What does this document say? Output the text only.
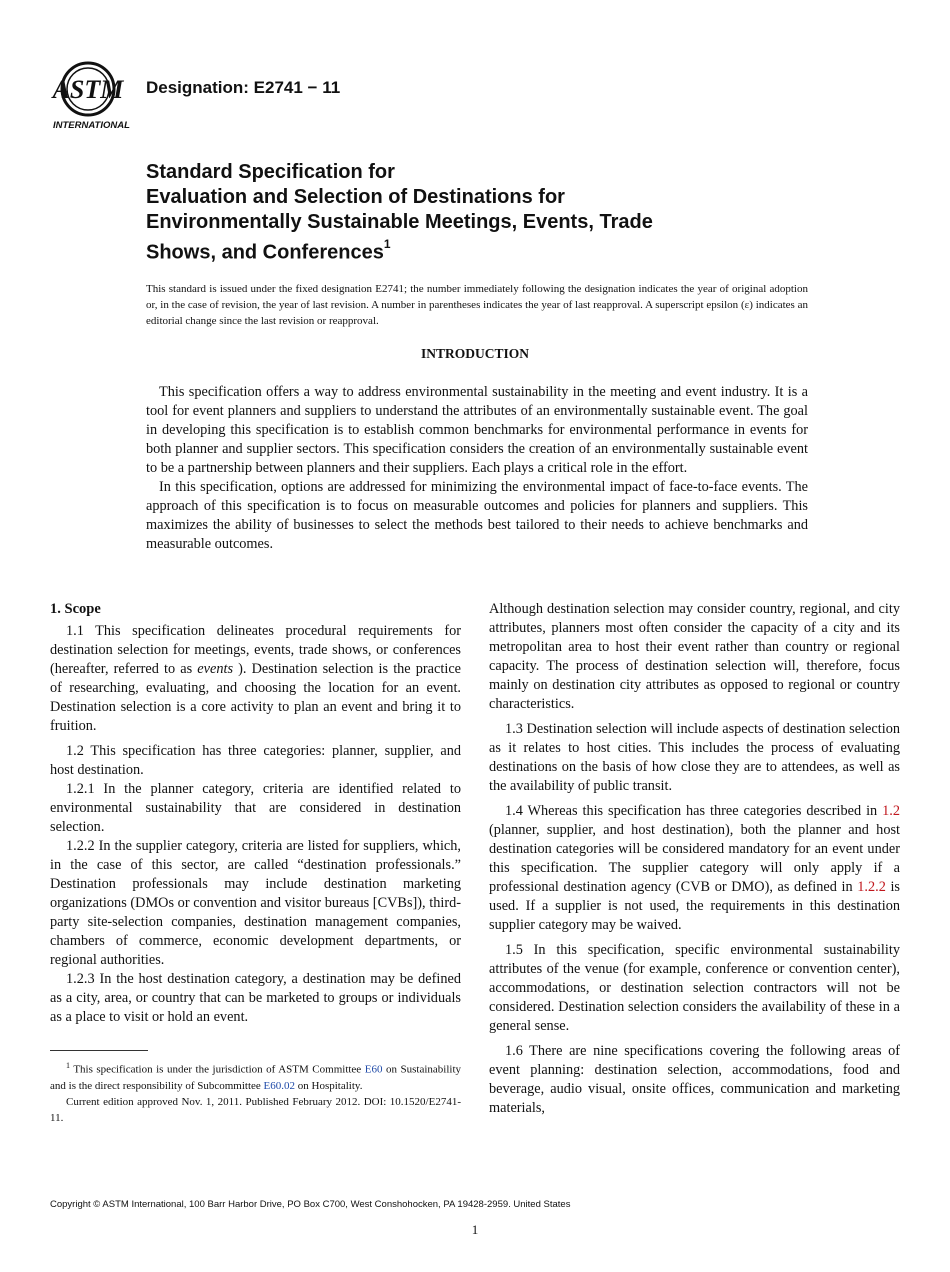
ASTM
INTERNATIONAL
Designation: E2741 − 11
Standard Specification for
Evaluation and Selection of Destinations for
Environmentally Sustainable Meetings, Events, Trade
Shows, and Conferences$^1$
This standard is issued under the fixed designation E2741; the number immediately following the designation indicates the year of original adoption or, in the case of revision, the year of last revision. A number in parentheses indicates the year of last reapproval. A superscript epsilon (ε) indicates an editorial change since the last revision or reapproval.
INTRODUCTION

This specification offers a way to address environmental sustainability in the meeting and event industry. It is a tool for event planners and suppliers to understand the attributes of an environmentally sustainable event. The goal in developing this specification is to establish common benchmarks for environmental performance in events for both planner and supplier sectors. This specification considers the creation of an environmentally sustainable event to be a partnership between planners and their suppliers. Each plays a critical role in the effort.

In this specification, options are addressed for minimizing the environmental impact of face-to-face events. The approach of this specification is to focus on measurable outcomes and policies for planners and suppliers. This maximizes the ability of businesses to select the methods best tailored to their needs to achieve benchmarks and measurable outcomes.

1. Scope

1.1 This specification delineates procedural requirements for destination selection for meetings, events, trade shows, or conferences (hereafter, referred to as events ). Destination selection is the practice of researching, evaluating, and choosing the location for an event. Destination selection is a core activity to plan an event and bring it to fruition.

1.2 This specification has three categories: planner, supplier, and host destination.

1.2.1 In the planner category, criteria are identified related to environmental sustainability that are considered in destination selection.

1.2.2 In the supplier category, criteria are listed for suppliers, which, in the case of this sector, are called “destination professionals.” Destination professionals may include destination marketing organizations (DMOs or convention and visitor bureaus [CVBs]), third-party site-selection companies, destination management companies, chambers of commerce, economic development departments, or regional authorities.

1.2.3 In the host destination category, a destination may be defined as a city, area, or country that can be marketed to groups or individuals as a place to visit or hold an event.

Although destination selection may consider country, regional, and city attributes, planners most often consider the capacity of a city and its metropolitan area to host their event rather than country or regional capacity. The process of destination selection will, therefore, focus mainly on destination city attributes as opposed to regional or country characteristics.

1.3 Destination selection will include aspects of destination selection as it relates to host cities. This includes the process of evaluating destinations on the basis of how close they are to attendees, as well as the availability of public transit.

1.4 Whereas this specification has three categories described in 1.2 (planner, supplier, and host destination), both the planner and host destination categories will be considered mandatory for an event under this specification. The supplier category will only apply if a professional destination agency (CVB or DMO), as defined in 1.2.2 is used. If a supplier is not used, the requirements in this destination supplier category may be waived.

1.5 In this specification, specific environmental sustainability attributes of the venue (for example, conference or convention center), accommodations, or destination selection contractors will not be considered. Destination selection considers the availability of these in a general sense.

1.6 There are nine specifications covering the following areas of event planning: destination selection, accommodations, food and beverage, audio visual, onsite offices, communication and marketing materials,

$^1$ This specification is under the jurisdiction of ASTM Committee E60 on Sustainability and is the direct responsibility of Subcommittee E60.02 on Hospitality.

Current edition approved Nov. 1, 2011. Published February 2012. DOI: 10.1520/E2741-11.

Copyright © ASTM International, 100 Barr Harbor Drive, PO Box C700, West Conshohocken, PA 19428-2959. United States
1
